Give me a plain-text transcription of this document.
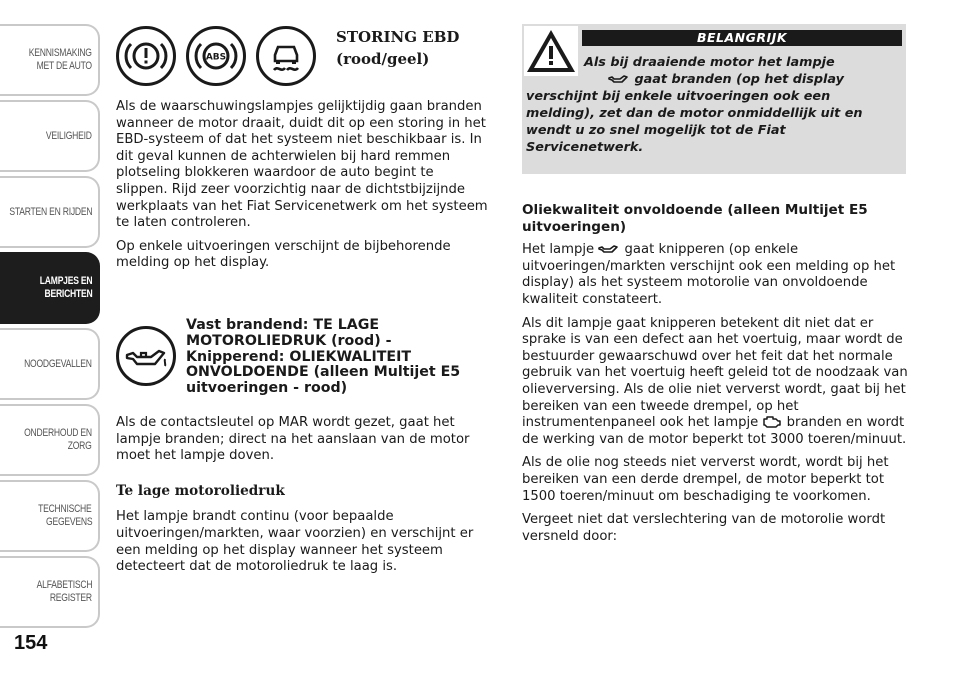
KENNISMAKING
MET DE AUTO
VEILIGHEID
STARTEN EN RIJDEN
LAMPJES EN
BERICHTEN
NOODGEVALLEN
ONDERHOUD EN
ZORG
TECHNISCHE
GEGEVENS
ALFABETISCH
REGISTER
154
ABS
STORING EBD
(rood/geel)

Als de waarschuwingslampjes gelijktijdig gaan branden wanneer de motor draait, duidt dit op een storing in het EBD-systeem of dat het systeem niet beschikbaar is. In dit geval kunnen de achterwielen bij hard remmen plotseling blokkeren waardoor de auto begint te slippen. Rijd zeer voorzichtig naar de dichtstbijzijnde werkplaats van het Fiat Servicenetwerk om het systeem te laten controleren.

Op enkele uitvoeringen verschijnt de bijbehorende melding op het display.

Vast brandend: TE LAGE
MOTOROLIEDRUK (rood) -
Knipperend: OLIEKWALITEIT
ONVOLDOENDE (alleen Multijet E5
uitvoeringen - rood)

Als de contactsleutel op MAR wordt gezet, gaat het lampje branden; direct na het aanslaan van de motor moet het lampje doven.

Te lage motoroliedruk

Het lampje brandt continu (voor bepaalde uitvoeringen/markten, waar voorzien) en verschijnt er een melding op het display wanneer het systeem detecteert dat de motoroliedruk te laag is.

BELANGRIJK
Als bij draaiende motor het lampje
gaat branden (op het display
verschijnt bij enkele uitvoeringen ook een melding), zet dan de motor onmiddellijk uit en wendt u zo snel mogelijk tot de Fiat Servicenetwerk.

Oliekwaliteit onvoldoende (alleen Multijet E5 uitvoeringen)

Het lampje gaat knipperen (op enkele uitvoeringen/markten verschijnt ook een melding op het display) als het systeem motorolie van onvoldoende kwaliteit constateert.

Als dit lampje gaat knipperen betekent dit niet dat er sprake is van een defect aan het voertuig, maar wordt de bestuurder gewaarschuwd over het feit dat het normale gebruik van het voertuig heeft geleid tot de noodzaak van olieverversing. Als de olie niet ververst wordt, gaat bij het bereiken van een tweede drempel, op het instrumentenpaneel ook het lampje branden en wordt de werking van de motor beperkt tot 3000 toeren/minuut.

Als de olie nog steeds niet ververst wordt, wordt bij het bereiken van een derde drempel, de motor beperkt tot 1500 toeren/minuut om beschadiging te voorkomen.

Vergeet niet dat verslechtering van de motorolie wordt versneld door:
